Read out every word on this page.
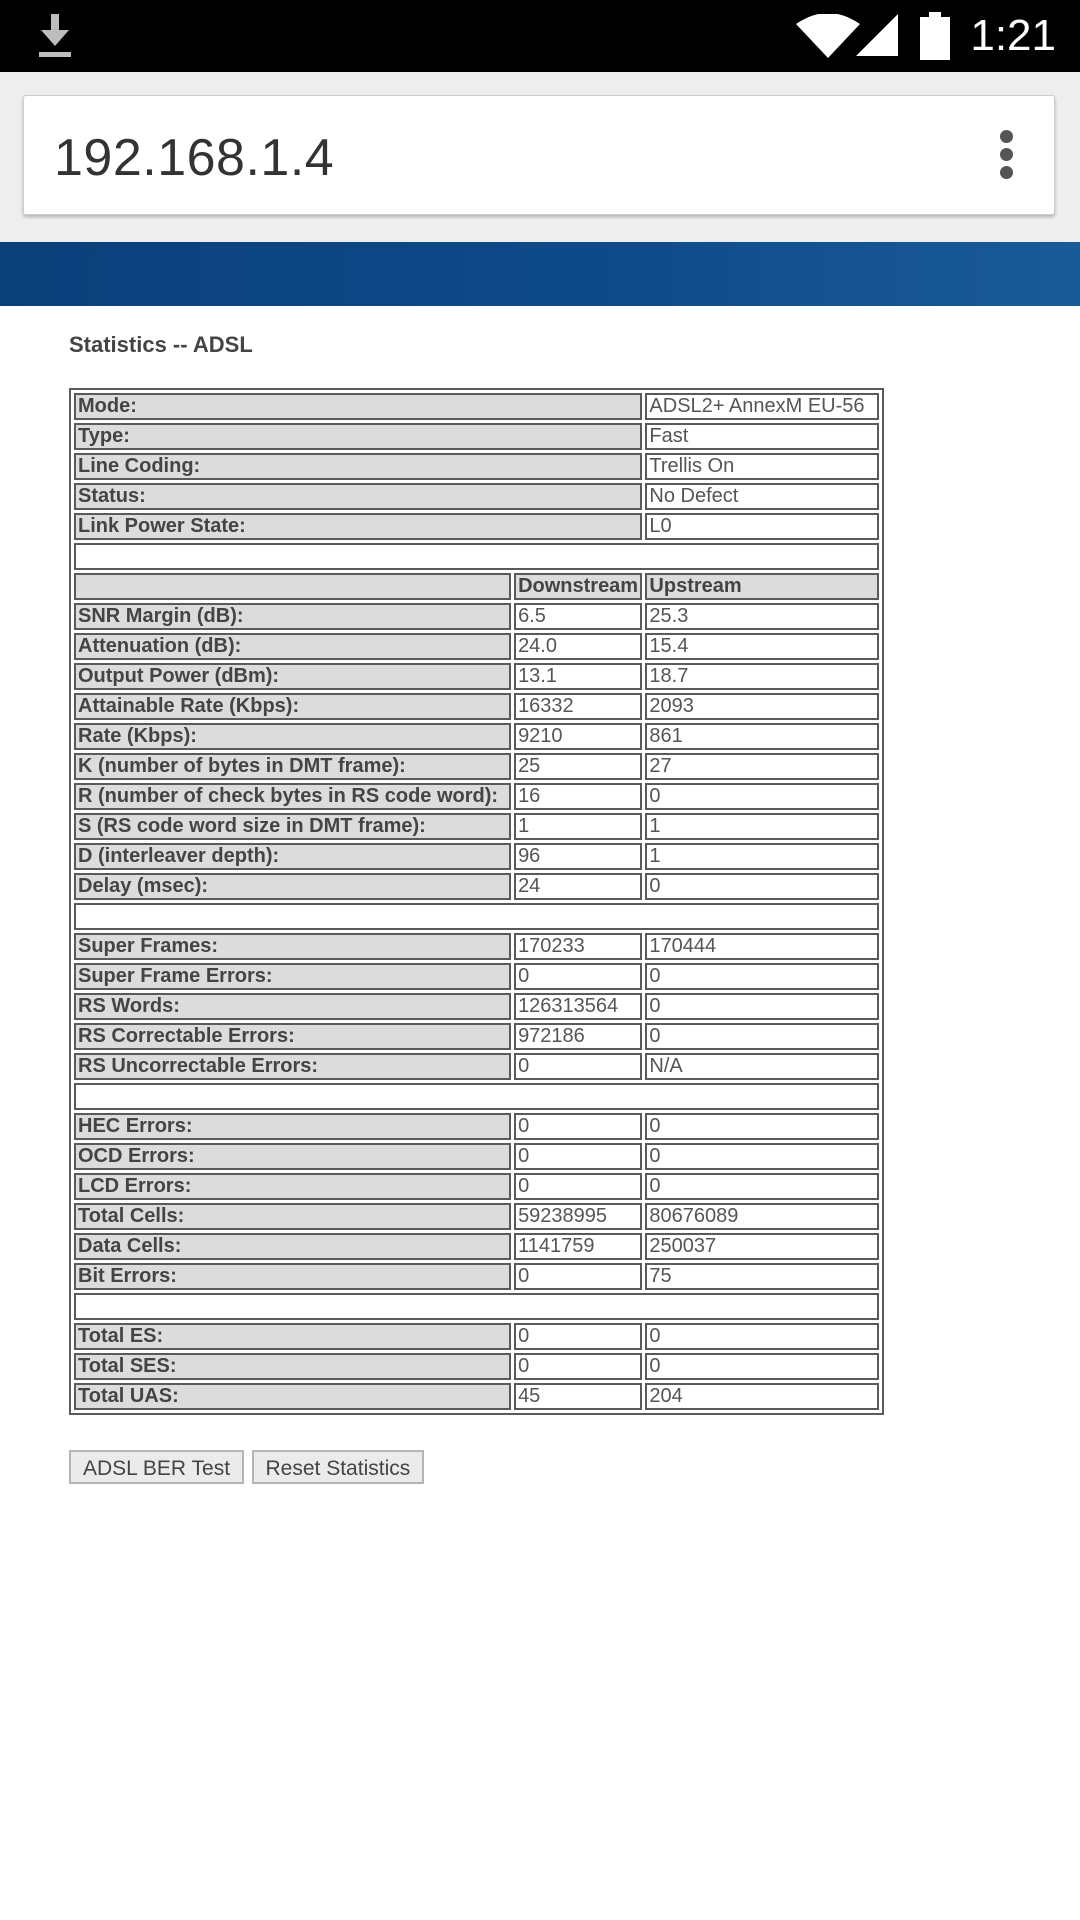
1:21
192.168.1.4
Statistics -- ADSL
Mode:		ADSL2+ AnnexM EU-56
Type:		Fast
Line Coding:		Trellis On
Status:		No Defect
Link Power State:		L0

	Downstream	Upstream
SNR Margin (dB):	6.5	25.3
Attenuation (dB):	24.0	15.4
Output Power (dBm):	13.1	18.7
Attainable Rate (Kbps):	16332	2093
Rate (Kbps):	9210	861
K (number of bytes in DMT frame):	25	27
R (number of check bytes in RS code word):	16	0
S (RS code word size in DMT frame):	1	1
D (interleaver depth):	96	1
Delay (msec):	24	0

Super Frames:	170233	170444
Super Frame Errors:	0	0
RS Words:	126313564	0
RS Correctable Errors:	972186	0
RS Uncorrectable Errors:	0	N/A

HEC Errors:	0	0
OCD Errors:	0	0
LCD Errors:	0	0
Total Cells:	59238995	80676089
Data Cells:	1141759	250037
Bit Errors:	0	75

Total ES:	0	0
Total SES:	0	0
Total UAS:	45	204
ADSL BER Test Reset Statistics
